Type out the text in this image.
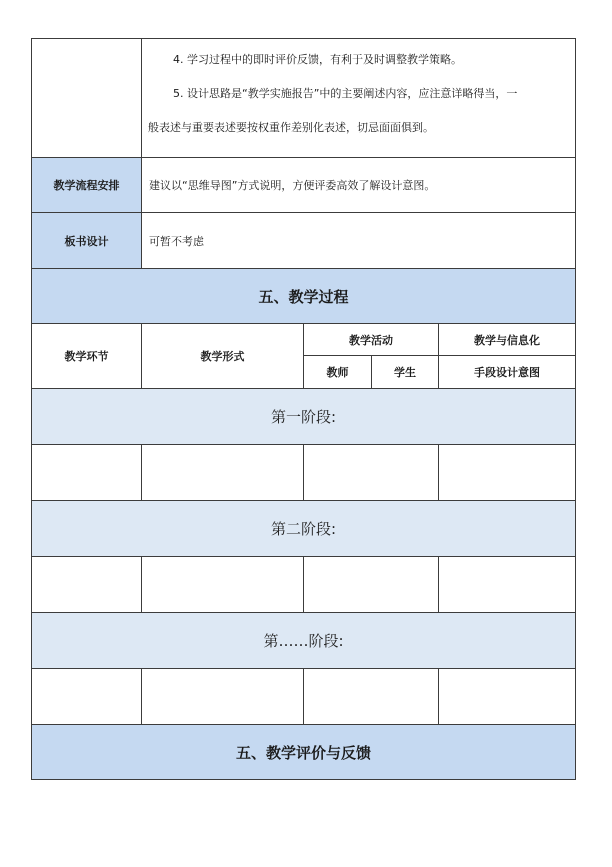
	4. 学习过程中的即时评价反馈，有利于及时调整教学策略。

5. 设计思路是“教学实施报告”中的主要阐述内容，应注意详略得当，一

般表述与重要表述要按权重作差别化表述，切忌面面俱到。			

教学流程安排	建议以“思维导图”方式说明，方便评委高效了解设计意图。			
板书设计	可暂不考虑			
五、教学过程				
教学环节	教学形式	教学活动		教学与信息化
		教师	学生	手段设计意图
第一阶段:				

第二阶段:				

第……阶段:				

五、教学评价与反馈				
